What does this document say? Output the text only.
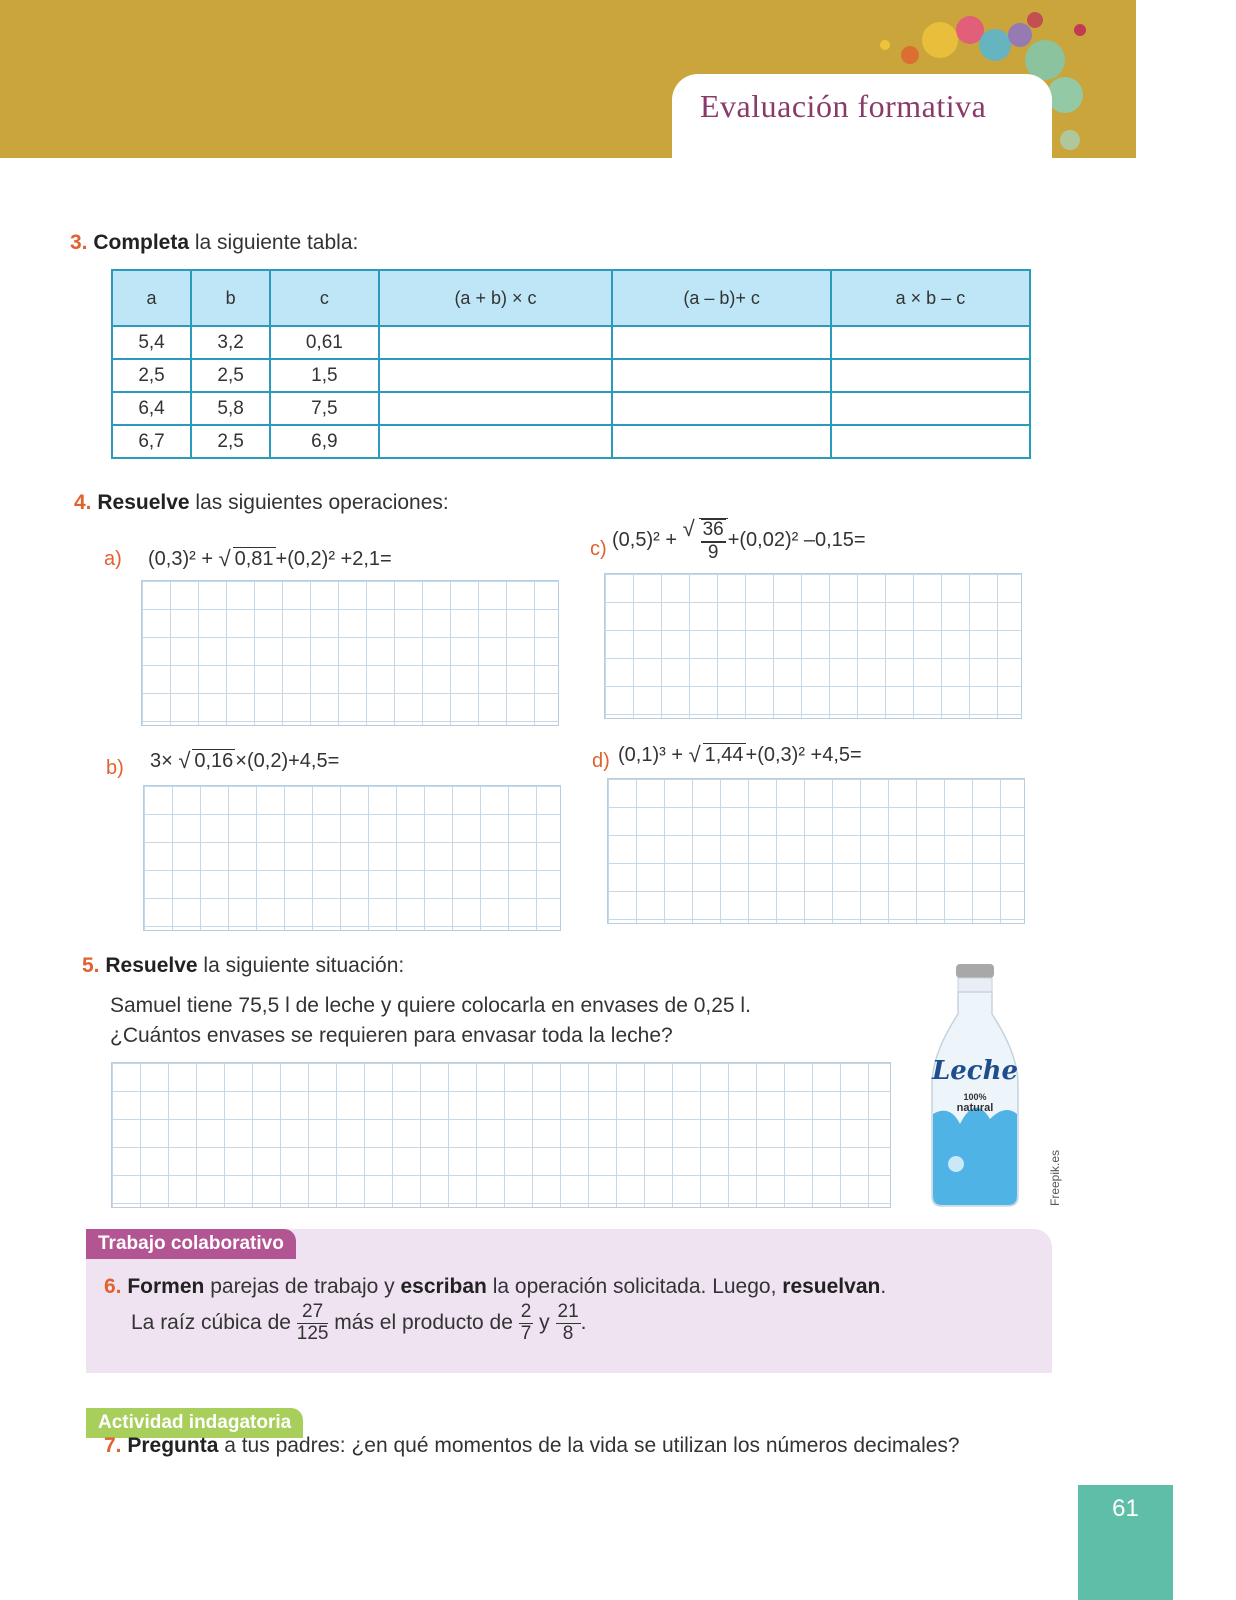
Evaluación formativa
3. Completa la siguiente tabla:
a	b	c	(a + b) × c	(a – b)+ c	a × b – c
5,4	3,2	0,61			
2,5	2,5	1,5			
6,4	5,8	7,5			
6,7	2,5	6,9			
4. Resuelve las siguientes operaciones:
a) (0,3)² + √ 0,81 +(0,2)² +2,1=	c) (0,5)² + √ $\frac{36}{9} +(0,02)^2$ –0,15=
b) 3× √ 0,16 ×(0,2)+4,5=	d) (0,1)³ + √ 1,44 +(0,3)² +4,5=
5. Resuelve la siguiente situación:
Samuel tiene 75,5 l de leche y quiere colocarla en envases de 0,25 l.
¿Cuántos envases se requieren para envasar toda la leche?
Leche
100%
natural
Freepik.es
Trabajo colaborativo
6. Formen parejas de trabajo y escriban la operación solicitada. Luego, resuelvan.
La raíz cúbica de $\frac{27}{125}$ más el producto de $\frac{2}{7}$ y $\frac{21}{8}$ .
Actividad indagatoria
7. Pregunta a tus padres: ¿en qué momentos de la vida se utilizan los números decimales?
61
